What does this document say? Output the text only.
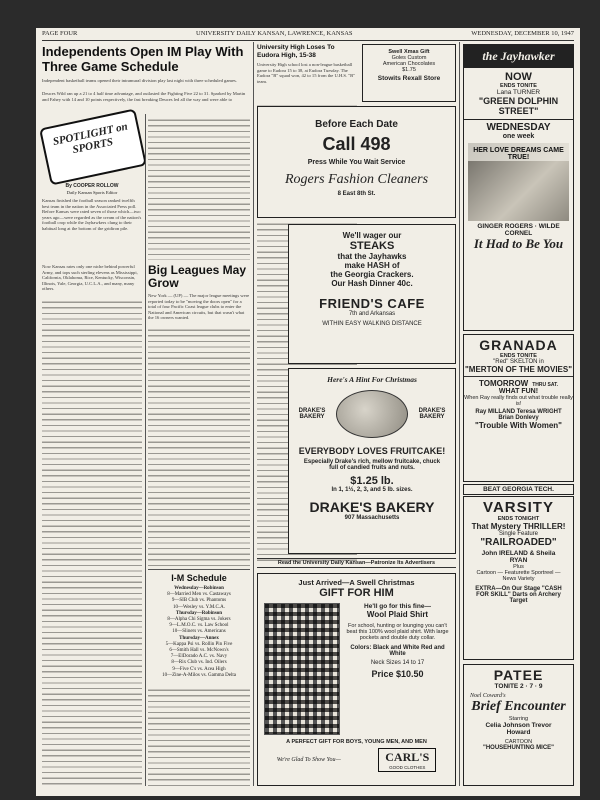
PAGE FOUR	UNIVERSITY DAILY KANSAN, LAWRENCE, KANSAS	WEDNESDAY, DECEMBER 10, 1947
Independents Open IM Play With Three Game Schedule
Independent basketball teams opened their intramural division play last night with three scheduled games.
Deuces Wild ran up a 21 to 4 half time advantage, and outlasted the Fighting Five 22 to 31. Sparked by Martin and Fahey with 14 and 10 points respectively, the fast breaking Deuces led all the way and were able to
SPOTLIGHT on SPORTS
By COOPER ROLLOW
Daily Kansan Sports Editor
Kansas finished the football season ranked twelfth best team in the nation in the Associated Press poll. Before Kansas were rated seven of those which—two years ago—were regarded as the cream of the nation's football crop while the Jayhawkers clung to their habitual long at the bottom of the gridiron pile.
Now Kansas rates only one niche behind powerful Army, and tops such sterling elevens as Mississippi, California, Oklahoma, Rice, Kentucky, Wisconsin, Illinois, Yale, Georgia, U.C.L.A., and many, many others.
Big Leagues May Grow
New York — (UP) — The major league meetings were reported today to be "moving the doors open" for a total of four Pacific Coast league clubs to enter the National and American circuits, but that wasn't what the 16 owners wanted.
I-M Schedule
Wednesday—Robinson
8—Married Men vs. Castaways
9—SIB Club vs. Phantoms
10—Wesley vs. Y.M.C.A.
Thursday—Robinson
8—Alpha Chi Sigma vs. Jokers
9—L.M.O.C. vs. Law School
10—Sliners vs. Americans
Thursday—Annex
5—Kappa Psi vs. Rollin Pin Five
6—Smith Hall vs. McNown's
7—ElDorado A.C. vs. Navy
8—Rix Club vs. Ind. Oilers
9—Five C's vs. Acea High
10—Zine-A-Milos vs. Gamma Delta
University High Loses To Eudora High, 15-38
University High school lost a non-league basketball game to Eudora 15 to 38, at Eudora Tuesday. The Eudora "B" squad won, 42 to 15 from the U.H.S. "B" team.
Swell Xmas Gift
Goles Custom
American Chocolates
$1.75
Stowits Rexall Store
Before Each Date
Call 498
Press While You Wait Service
Rogers Fashion Cleaners
8 East 8th St.
We'll wager our
STEAKS
that the Jayhawks
make HASH of
the Georgia Crackers.
Our Hash Dinner 40c.
FRIEND'S CAFE
7th and Arkansas
WITHIN EASY WALKING DISTANCE
Here's A Hint For Christmas
DRAKE'S BAKERY
DRAKE'S BAKERY
EVERYBODY LOVES FRUITCAKE!
Especially Drake's rich, mellow fruitcake, chuck full of candied fruits and nuts.
$1.25 lb.
In 1, 1½, 2, 3, and 5 lb. sizes.
DRAKE'S BAKERY
907 Massachusetts
Read the University Daily Kansan—Patronize Its Advertisers
Just Arrived—A Swell Christmas
GIFT FOR HIM
He'll go for this fine—
Wool Plaid Shirt
For school, hunting or lounging you can't beat this 100% wool plaid shirt. With large pockets and double duty collar.
Colors: Black and White Red and White
Neck Sizes 14 to 17
Price $10.50
A PERFECT GIFT FOR BOYS, YOUNG MEN, AND MEN
We're Glad To Show You—	CARL'S
GOOD CLOTHES
the Jayhawker
NOW
ENDS TONITE
Lana TURNER
"GREEN DOLPHIN STREET"
WEDNESDAY
one week
HER LOVE DREAMS CAME TRUE!
GINGER ROGERS · WILDE CORNEL
It Had to Be You
GRANADA
ENDS TONITE
"Red" SKELTON in
"MERTON OF THE MOVIES"
TOMORROW THRU SAT.
WHAT FUN!
When Ray really finds out what trouble really is!
Ray MILLAND Teresa WRIGHT Brian Donlevy
"Trouble With Women"
BEAT GEORGIA TECH.
VARSITY
ENDS TONIGHT
That Mystery THRILLER!
Single Feature
"RAILROADED"
John IRELAND & Sheila RYAN
Plus
Cartoon — Featurette Sportreel — News Variety
EXTRA—On Our Stage "CASH FOR SKILL" Darts on Archery Target
PATEE
TONITE 2 · 7 · 9
Noel Coward's
Brief Encounter
Starring
Celia Johnson Trevor Howard
CARTOON
"HOUSEHUNTING MICE"
